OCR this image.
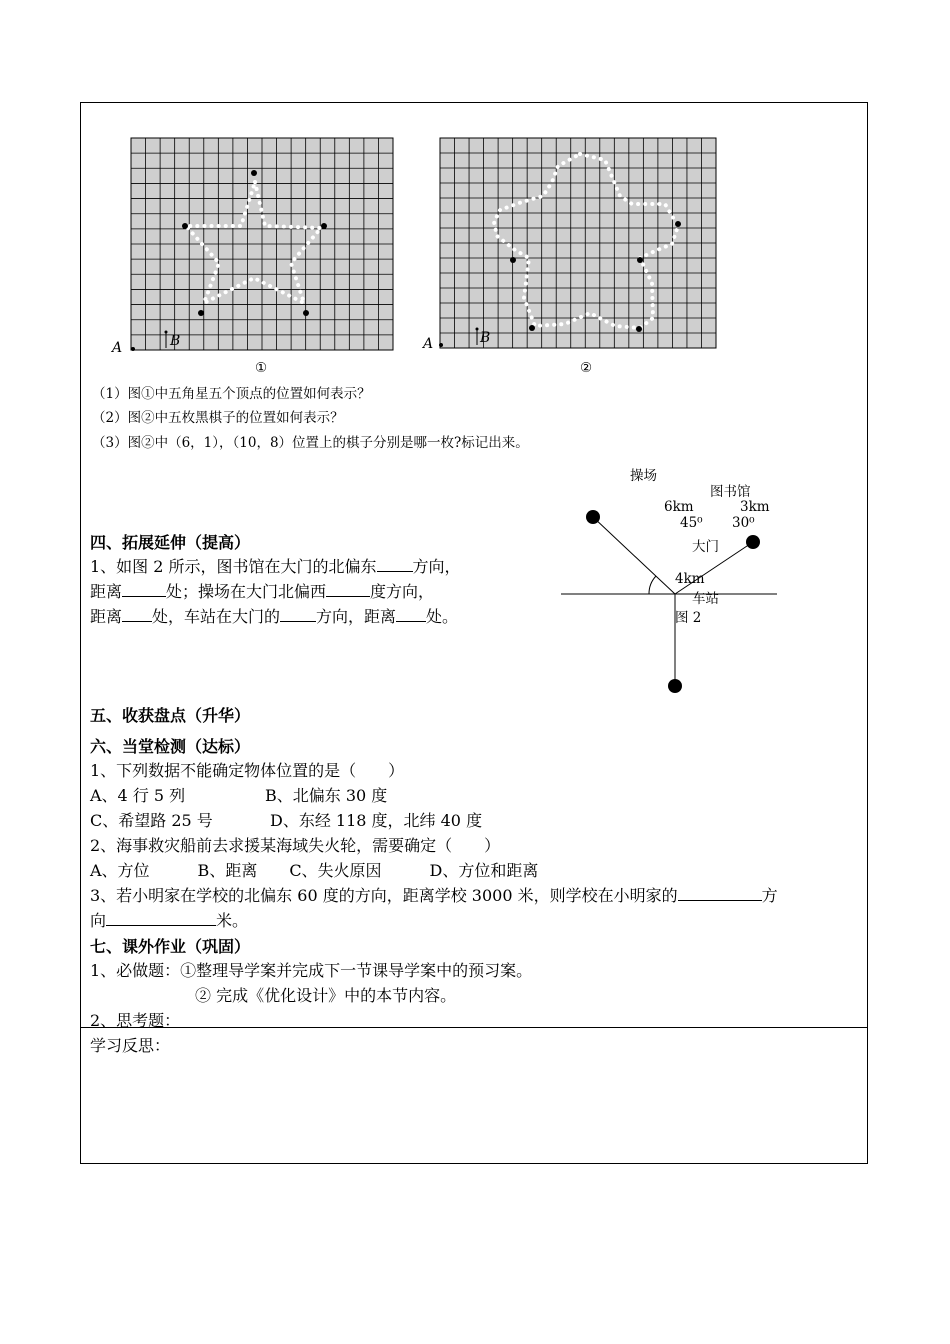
A	B
①
A	B
②
（1）图①中五角星五个顶点的位置如何表示？
（2）图②中五枚黑棋子的位置如何表示？
（3）图②中（6，1），（10，8）位置上的棋子分别是哪一枚?标记出来。
四、拓展延伸（提高）
1、如图 2 所示，图书馆在大门的北偏东 方向，
距离	处；操场在大门北偏西	度方向，
距离 处，车站在大门的 方向，距离 处。
操场
图书馆
6km	3km
45⁰ 30⁰
大门
4km
车站
图 2
五、收获盘点（升华）
六、当堂检测（达标）
1、下列数据不能确定物体位置的是（　　）
A、4 行 5 列	B、北偏东 30 度
C、希望路 25 号	D、东经 118 度，北纬 40 度
2、海事救灾船前去求援某海域失火轮，需要确定（　　）
A、方位　　　B、距离　　C、失火原因　　　D、方位和距离
3、若小明家在学校的北偏东 60 度的方向，距离学校 3000 米，则学校在小明家的	方
向	米。
七、课外作业（巩固）
1、必做题：①整理导学案并完成下一节课导学案中的预习案。
② 完成《优化设计》中的本节内容。
2、思考题：
学习反思：
